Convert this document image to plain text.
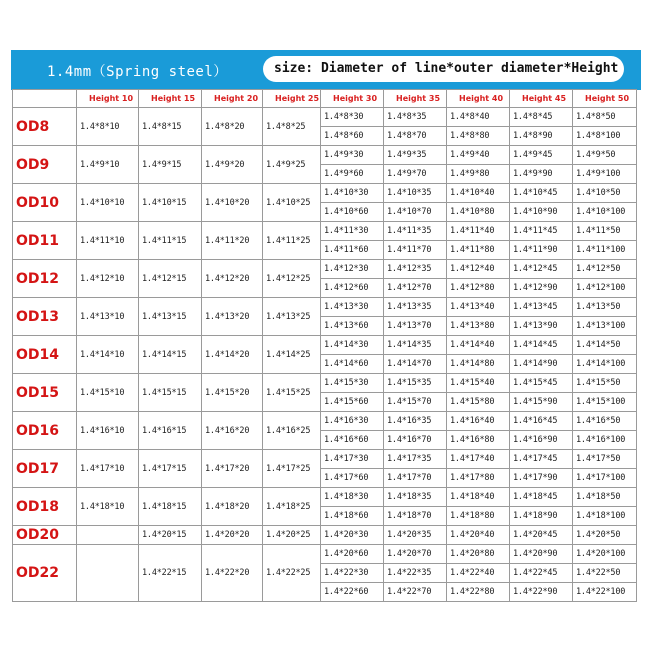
1.4mm（Spring steel）	size: Diameter of line*outer diameter*Height
	Height 10	Height 15	Height 20	Height 25	Height 30	Height 35	Height 40	Height 45	Height 50
OD8	1.4*8*10	1.4*8*15	1.4*8*20	1.4*8*25	1.4*8*30	1.4*8*35	1.4*8*40	1.4*8*45	1.4*8*50
					1.4*8*60	1.4*8*70	1.4*8*80	1.4*8*90	1.4*8*100
OD9	1.4*9*10	1.4*9*15	1.4*9*20	1.4*9*25	1.4*9*30	1.4*9*35	1.4*9*40	1.4*9*45	1.4*9*50
					1.4*9*60	1.4*9*70	1.4*9*80	1.4*9*90	1.4*9*100
OD10	1.4*10*10	1.4*10*15	1.4*10*20	1.4*10*25	1.4*10*30	1.4*10*35	1.4*10*40	1.4*10*45	1.4*10*50
					1.4*10*60	1.4*10*70	1.4*10*80	1.4*10*90	1.4*10*100
OD11	1.4*11*10	1.4*11*15	1.4*11*20	1.4*11*25	1.4*11*30	1.4*11*35	1.4*11*40	1.4*11*45	1.4*11*50
					1.4*11*60	1.4*11*70	1.4*11*80	1.4*11*90	1.4*11*100
OD12	1.4*12*10	1.4*12*15	1.4*12*20	1.4*12*25	1.4*12*30	1.4*12*35	1.4*12*40	1.4*12*45	1.4*12*50
					1.4*12*60	1.4*12*70	1.4*12*80	1.4*12*90	1.4*12*100
OD13	1.4*13*10	1.4*13*15	1.4*13*20	1.4*13*25	1.4*13*30	1.4*13*35	1.4*13*40	1.4*13*45	1.4*13*50
					1.4*13*60	1.4*13*70	1.4*13*80	1.4*13*90	1.4*13*100
OD14	1.4*14*10	1.4*14*15	1.4*14*20	1.4*14*25	1.4*14*30	1.4*14*35	1.4*14*40	1.4*14*45	1.4*14*50
					1.4*14*60	1.4*14*70	1.4*14*80	1.4*14*90	1.4*14*100
OD15	1.4*15*10	1.4*15*15	1.4*15*20	1.4*15*25	1.4*15*30	1.4*15*35	1.4*15*40	1.4*15*45	1.4*15*50
					1.4*15*60	1.4*15*70	1.4*15*80	1.4*15*90	1.4*15*100
OD16	1.4*16*10	1.4*16*15	1.4*16*20	1.4*16*25	1.4*16*30	1.4*16*35	1.4*16*40	1.4*16*45	1.4*16*50
					1.4*16*60	1.4*16*70	1.4*16*80	1.4*16*90	1.4*16*100
OD17	1.4*17*10	1.4*17*15	1.4*17*20	1.4*17*25	1.4*17*30	1.4*17*35	1.4*17*40	1.4*17*45	1.4*17*50
					1.4*17*60	1.4*17*70	1.4*17*80	1.4*17*90	1.4*17*100
OD18	1.4*18*10	1.4*18*15	1.4*18*20	1.4*18*25	1.4*18*30	1.4*18*35	1.4*18*40	1.4*18*45	1.4*18*50
					1.4*18*60	1.4*18*70	1.4*18*80	1.4*18*90	1.4*18*100
OD20		1.4*20*15	1.4*20*20	1.4*20*25	1.4*20*30	1.4*20*35	1.4*20*40	1.4*20*45	1.4*20*50
OD22		1.4*22*15	1.4*22*20	1.4*22*25	1.4*20*60	1.4*20*70	1.4*20*80	1.4*20*90	1.4*20*100
					1.4*22*30	1.4*22*35	1.4*22*40	1.4*22*45	1.4*22*50
					1.4*22*60	1.4*22*70	1.4*22*80	1.4*22*90	1.4*22*100
